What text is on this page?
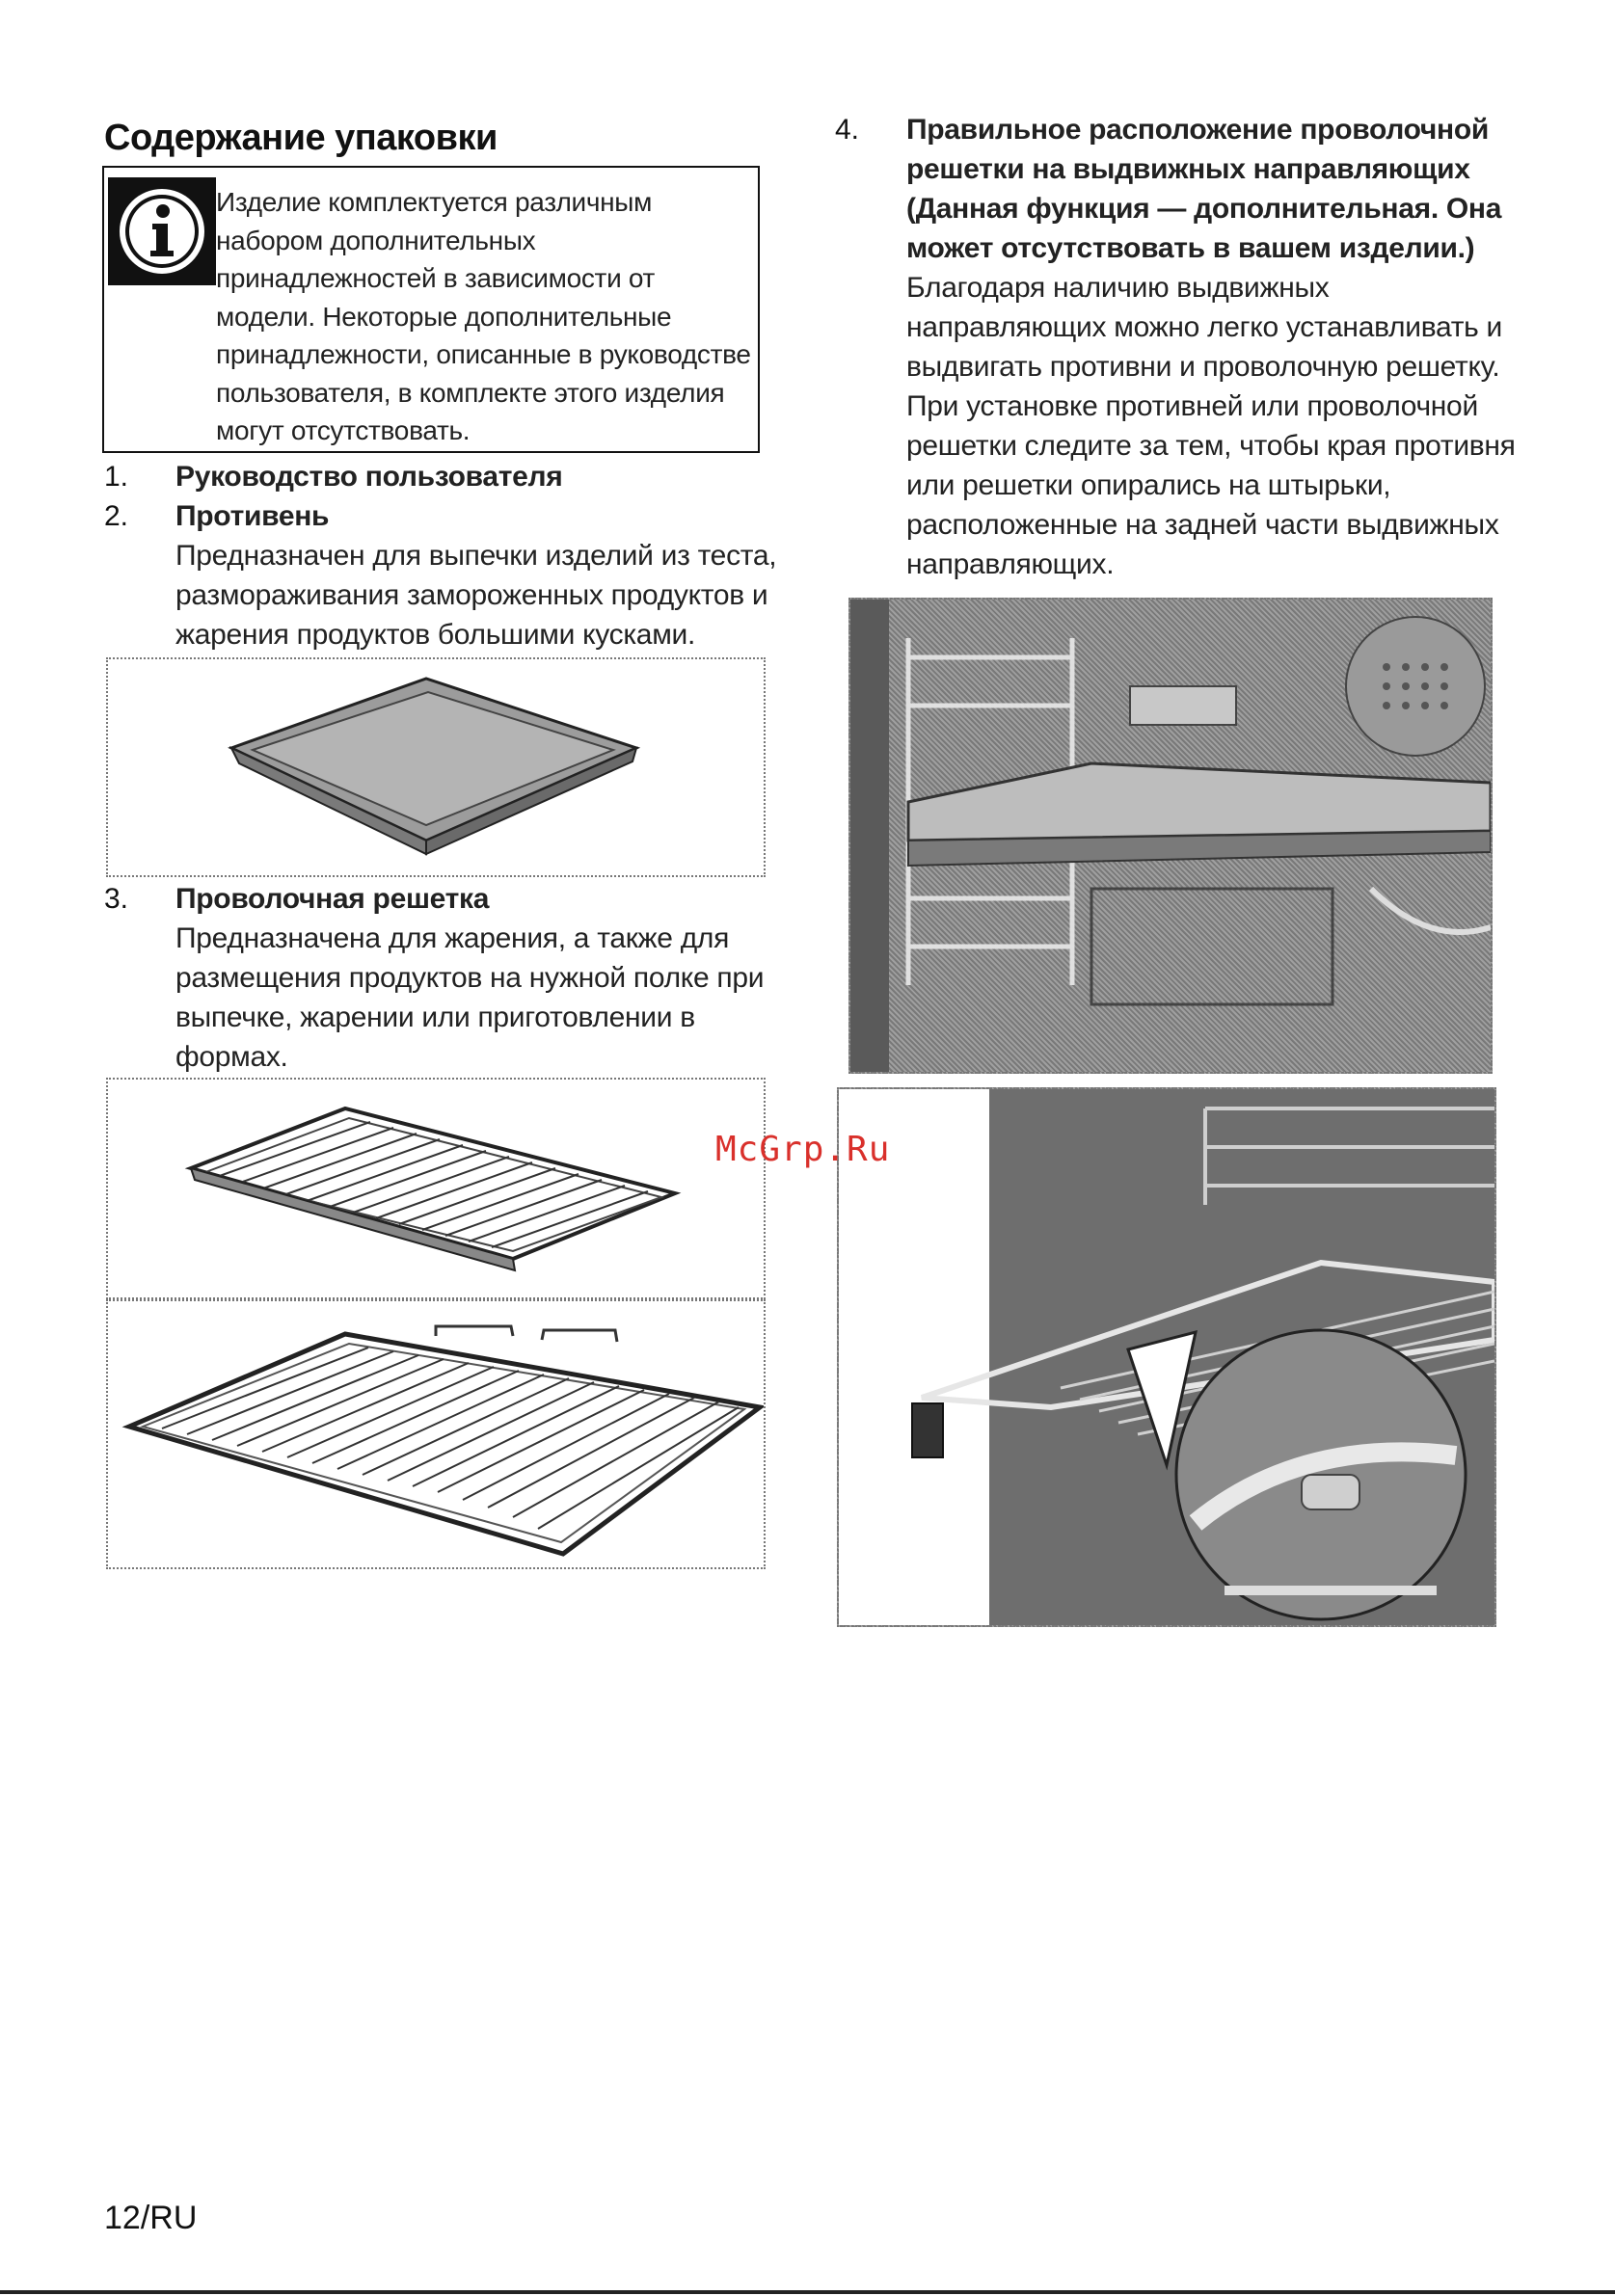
Содержание упаковки
Изделие комплектуется различным набором дополнительных принадлежностей в зависимости от модели. Некоторые дополнительные принадлежности, описанные в руководстве пользователя, в комплекте этого изделия могут отсутствовать.
1. Руководство пользователя
2. Противень
Предназначен для выпечки изделий из теста, размораживания замороженных продуктов и жарения продуктов большими кусками.
3. Проволочная решетка
Предназначена для жарения, а также для размещения продуктов на нужной полке при выпечке, жарении или приготовлении в формах.
4. Правильное расположение проволочной решетки на выдвижных направляющих (Данная функция — дополнительная. Она может отсутствовать в вашем изделии.)
Благодаря наличию выдвижных направляющих можно легко устанавливать и выдвигать противни и проволочную решетку. При установке противней или проволочной решетки следите за тем, чтобы края противня или решетки опирались на штырьки, расположенные на задней части выдвижных направляющих.
McGrp.Ru
12/RU
